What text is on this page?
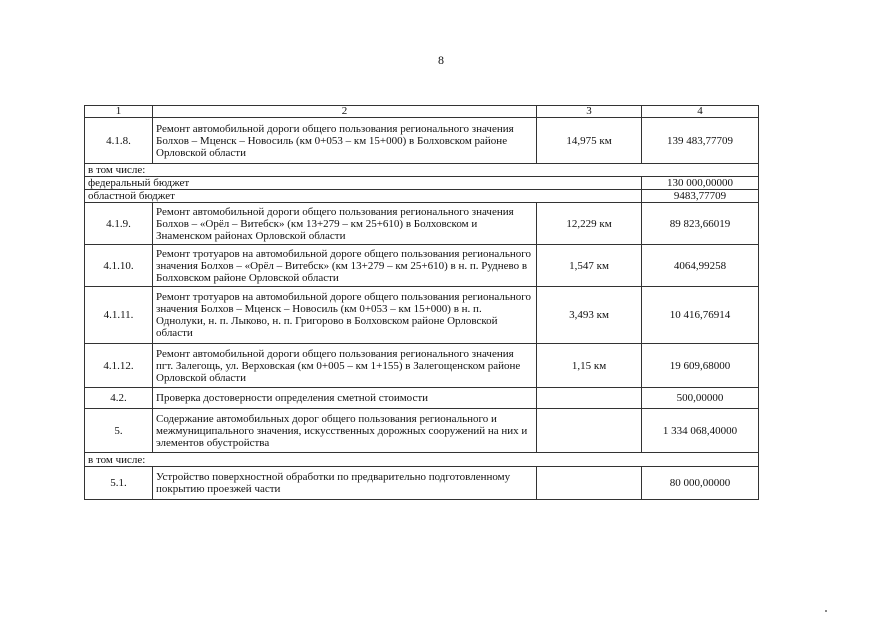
8
1	2	3	4
4.1.8.	Ремонт автомобильной дороги общего пользования регионального значения Болхов – Мценск – Новосиль (км 0+053 – км 15+000) в Болховском районе Орловской области	14,975 км	139 483,77709
в том числе:			
федеральный бюджет			130 000,00000
областной бюджет			9483,77709
4.1.9.	Ремонт автомобильной дороги общего пользования регионального значения Болхов – «Орёл – Витебск» (км 13+279 – км 25+610) в Болховском и Знаменском районах Орловской области	12,229 км	89 823,66019
4.1.10.	Ремонт тротуаров на автомобильной дороге общего пользования регионального значения Болхов – «Орёл – Витебск» (км 13+279 – км 25+610) в н. п. Руднево в Болховском районе Орловской области	1,547 км	4064,99258
4.1.11.	Ремонт тротуаров на автомобильной дороге общего пользования регионального значения Болхов – Мценск – Новосиль (км 0+053 – км 15+000) в н. п. Однолуки, н. п. Лыково, н. п. Григорово в Болховском районе Орловской области	3,493 км	10 416,76914
4.1.12.	Ремонт автомобильной дороги общего пользования регионального значения пгт. Залегощь, ул. Верховская (км 0+005 – км 1+155) в Залегощенском районе Орловской области	1,15 км	19 609,68000
4.2.	Проверка достоверности определения сметной стоимости		500,00000
5.	Содержание автомобильных дорог общего пользования регионального и межмуниципального значения, искусственных дорожных сооружений на них и элементов обустройства		1 334 068,40000
в том числе:			
5.1.	Устройство поверхностной обработки по предварительно подготовленному покрытию проезжей части		80 000,00000
